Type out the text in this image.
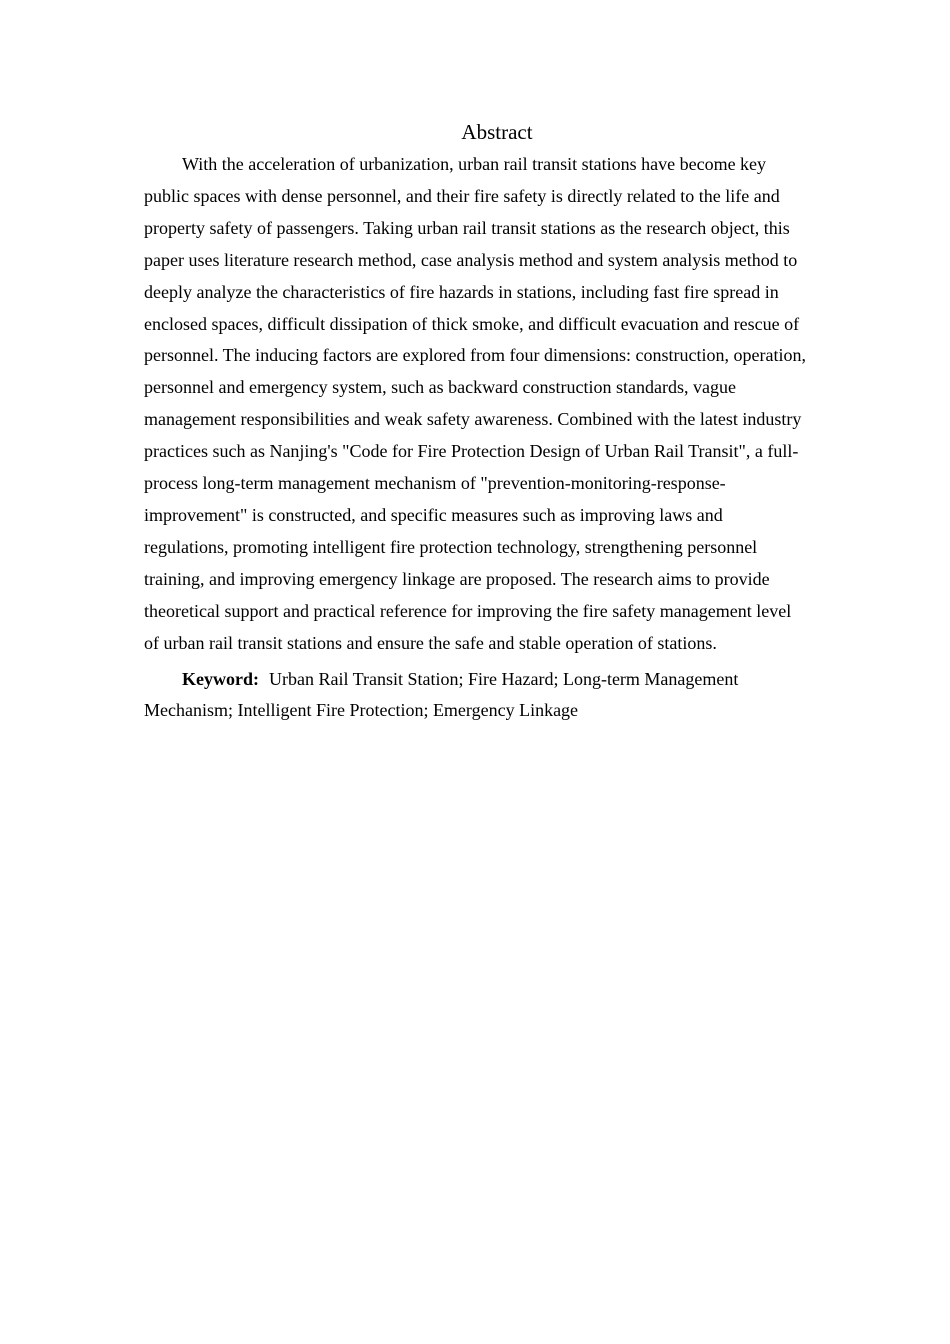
Abstract

With the acceleration of urbanization, urban rail transit stations have become key public spaces with dense personnel, and their fire safety is directly related to the life and property safety of passengers. Taking urban rail transit stations as the research object, this paper uses literature research method, case analysis method and system analysis method to deeply analyze the characteristics of fire hazards in stations, including fast fire spread in enclosed spaces, difficult dissipation of thick smoke, and difficult evacuation and rescue of personnel. The inducing factors are explored from four dimensions: construction, operation, personnel and emergency system, such as backward construction standards, vague management responsibilities and weak safety awareness. Combined with the latest industry practices such as Nanjing's "Code for Fire Protection Design of Urban Rail Transit", a full-process long-term management mechanism of "prevention-monitoring-response-improvement" is constructed, and specific measures such as improving laws and regulations, promoting intelligent fire protection technology, strengthening personnel training, and improving emergency linkage are proposed. The research aims to provide theoretical support and practical reference for improving the fire safety management level of urban rail transit stations and ensure the safe and stable operation of stations.

Keyword: Urban Rail Transit Station; Fire Hazard; Long-term Management Mechanism; Intelligent Fire Protection; Emergency Linkage
